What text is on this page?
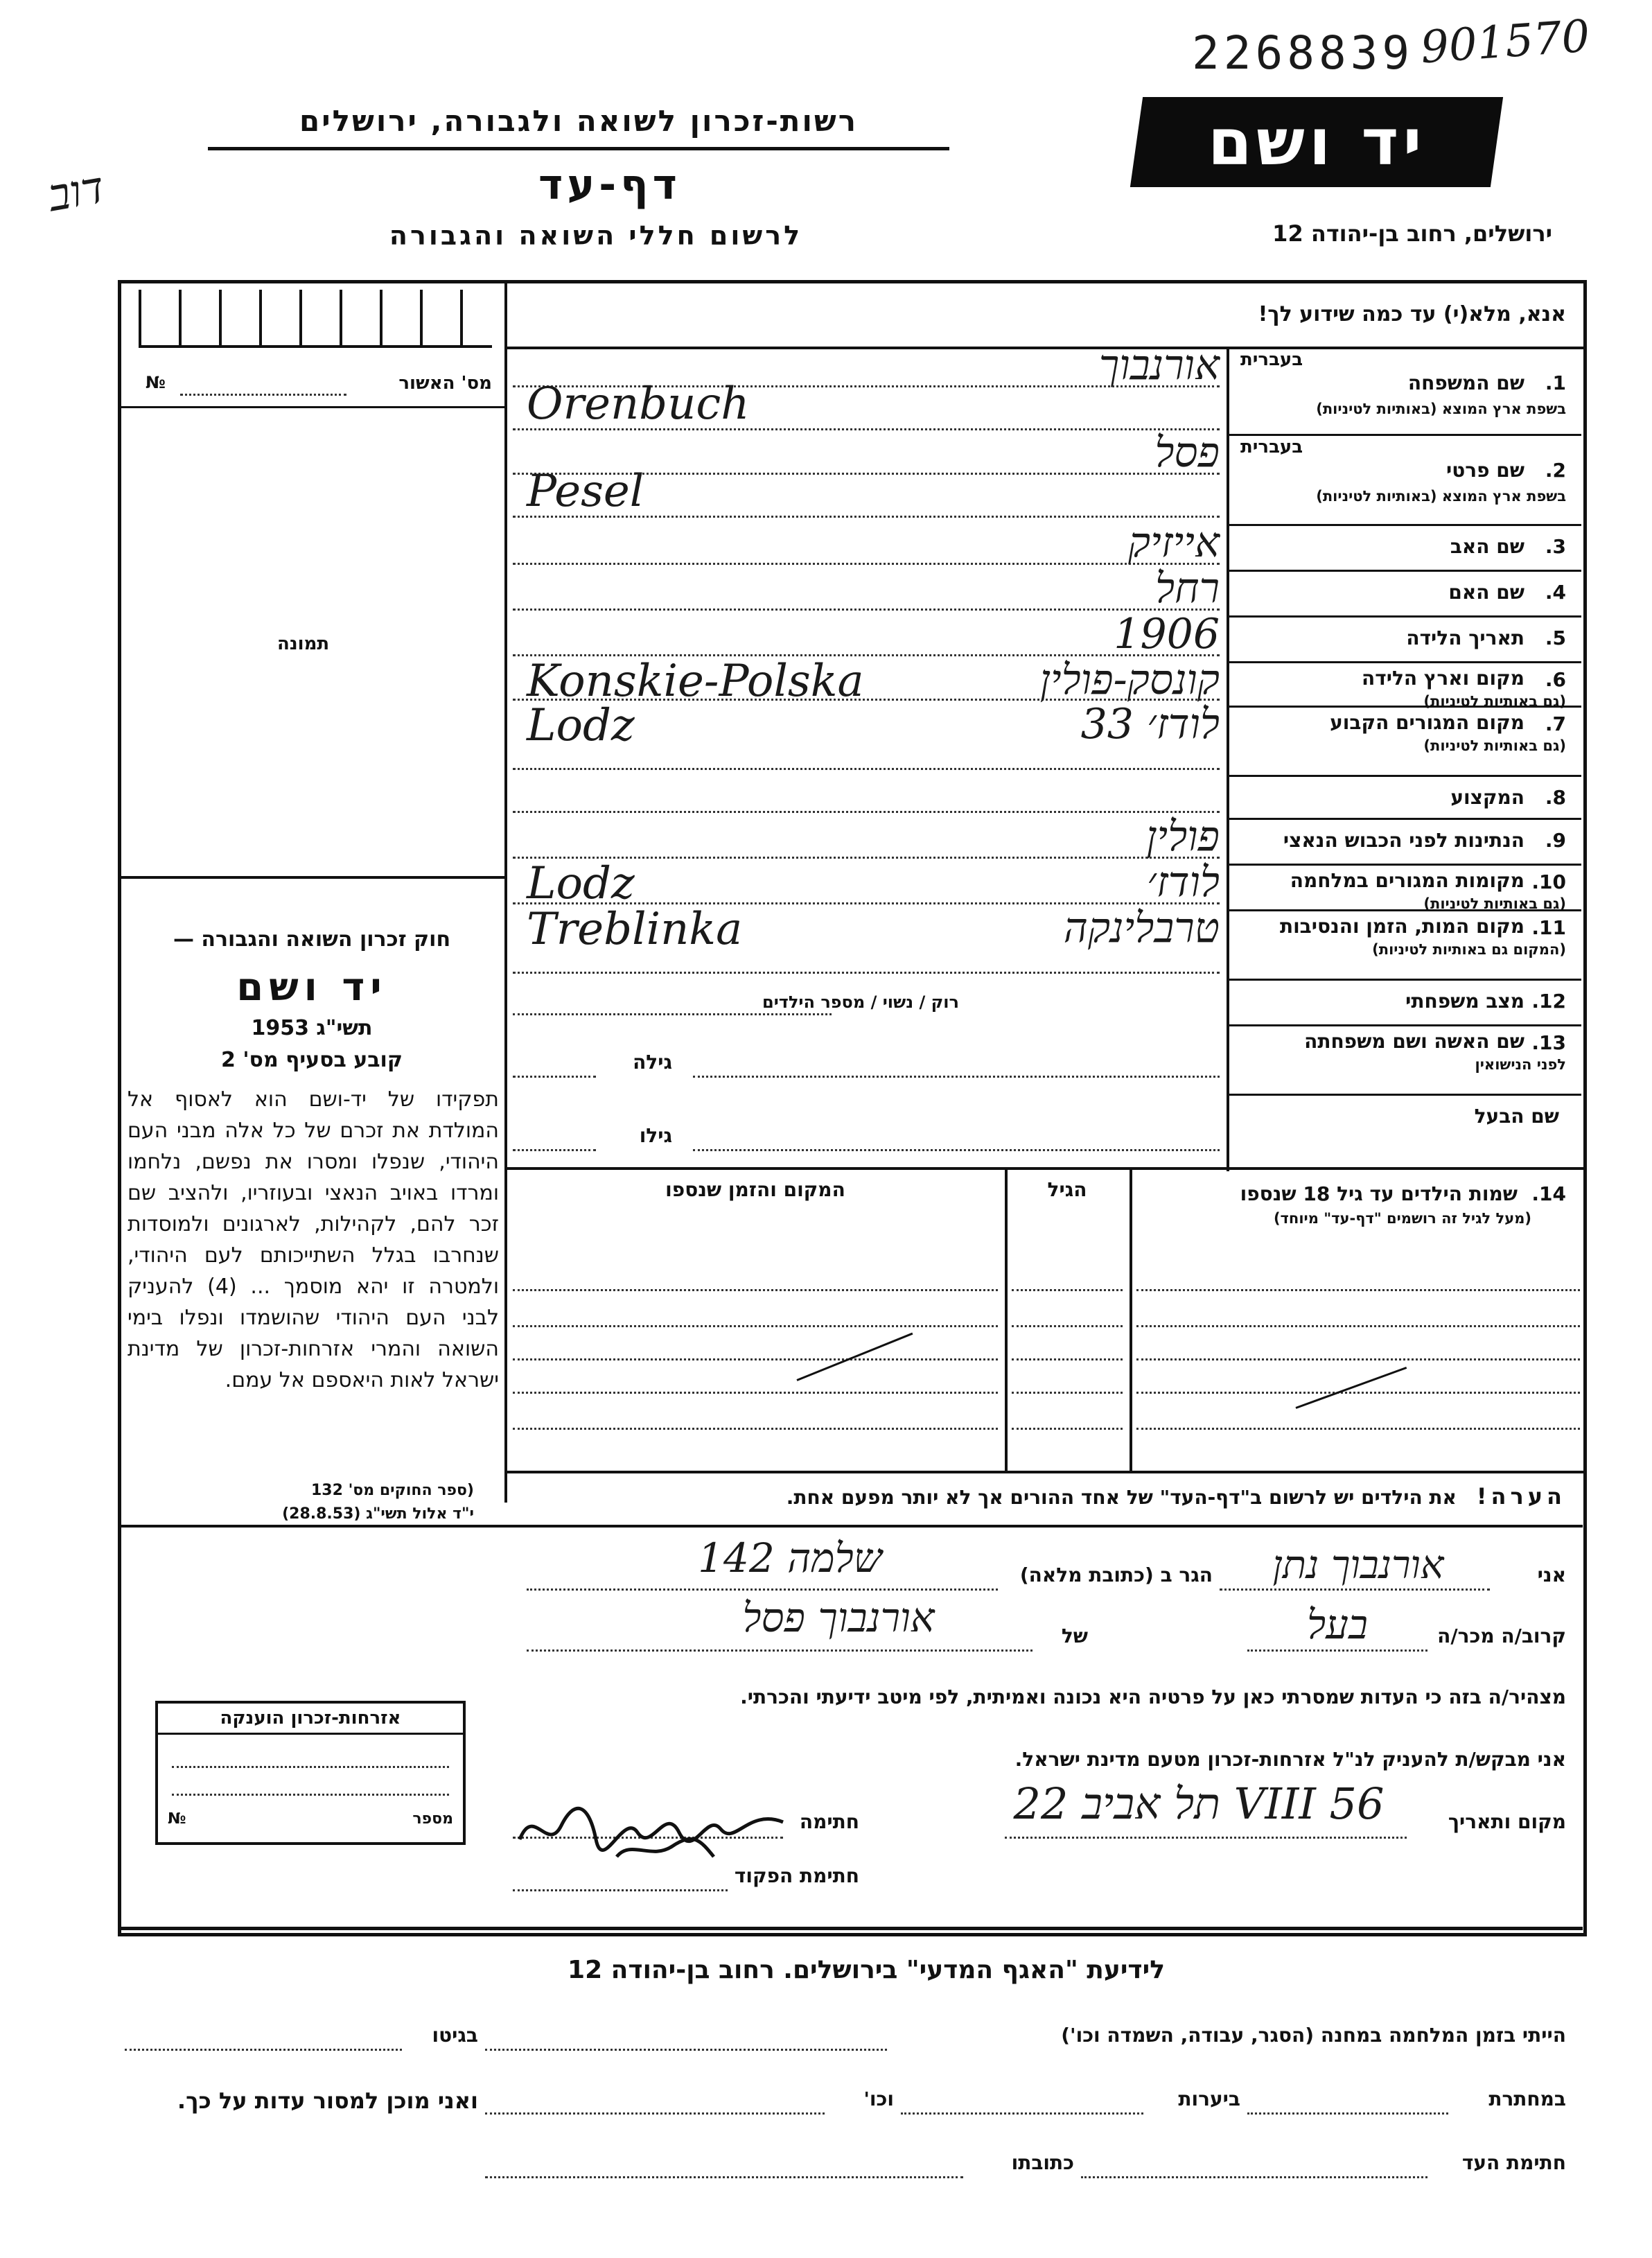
2268839 901570
דוב
רשות-זכרון לשואה ולגבורה, ירושלים	יד ושם
דף-עד
לרשום חללי השואה והגבורה	ירושלים, רחוב בן-יהודה 12
אנא, מלא(י) עד כמה שידוע לך!
מס' האשור
№
תמונה
חוק זכרון השואה והגבורה —
יד ושם
תשי"ג 1953
קובע בסעיף מס' 2
תפקידו של יד-ושם הוא לאסוף אל המולדת את זכרם של כל אלה מבני העם היהודי, שנפלו ומסרו את נפשם, נלחמו ומרדו באויב הנאצי ובעוזריו, ולהציב שם זכר להם, לקהילות, לארגונים ולמוסדות שנחרבו בגלל השתייכותם לעם היהודי, ולמטרה זו יהא מוסמך ... (4) להעניק לבני העם היהודי שהושמדו ונפלו בימי השואה והמרי אזרחות-זכרון של מדינת ישראל לאות היאספם אל עמם.
(ספר החוקים מס' 132
י"ד אלול תשי"ג (28.8.53)
1.
בעברית
שם המשפחה
בשפת ארץ המוצא (באותיות לטיניות)
אורנבוך
Orenbuch
2.
בעברית
שם פרטי
בשפת ארץ המוצא (באותיות לטיניות)
פסל
Pesel
3.
שם האב
אייזיק
4.
שם האם
רחל
5.
תאריך הלידה
1906
6.
מקום וארץ הלידה
(גם באותיות לטיניות)
קונסק-פולין
Konskie-Polska
7.
מקום המגורים הקבוע
(גם באותיות לטיניות)
לודז׳ 33
Lodz
8.
המקצוע
9.
הנתינות לפני הכבוש הנאצי
פולין
10.
מקומות המגורים במלחמה
(גם באותיות לטיניות)
לודז׳
Lodz
11.
מקום המות, הזמן והנסיבות
(המקום גם באותיות לטיניות)
טרבלינקה
Treblinka
12.
מצב משפחתי
רוק / נשוי / מספר הילדים
13.
שם האשה ושם משפחתה
לפני הנישואין
גילה
שם הבעל
גילו
14.
שמות הילדים עד גיל 18 שנספו
(מעל לגיל זה רושמים "דף-עד" מיוחד)
הגיל
המקום והזמן שנספו
הערה! את הילדים יש לרשום ב"דף-העד" של אחד ההורים אך לא יותר מפעם אחת.
אני
אורנבוך נתן
הגר ב (כתובת מלאה)
שלמה 142
קרוב/ה מכר/ה
בעל
של
אורנבוך פסל
מצהיר/ה בזה כי העדות שמסרתי כאן על פרטיה היא נכונה ואמיתית, לפי מיטב ידיעתי והכרתי.
אני מבקש/ת להעניק לנ"ל אזרחות-זכרון מטעם מדינת ישראל.
מקום ותאריך
תל אביב 22 VIII 56
חתימה
חתימת הפקוד
אזרחות-זכרון הוענקה
מספר
№
לידיעת "האגף המדעי" בירושלים. רחוב בן-יהודה 12
הייתי בזמן המלחמה במחנה (הסגר, עבודה, השמדה וכו')
בגיטו
במחתרת
ביערות
וכו'
ואני מוכן למסור עדות על כך.
חתימת העד
כתובתו
